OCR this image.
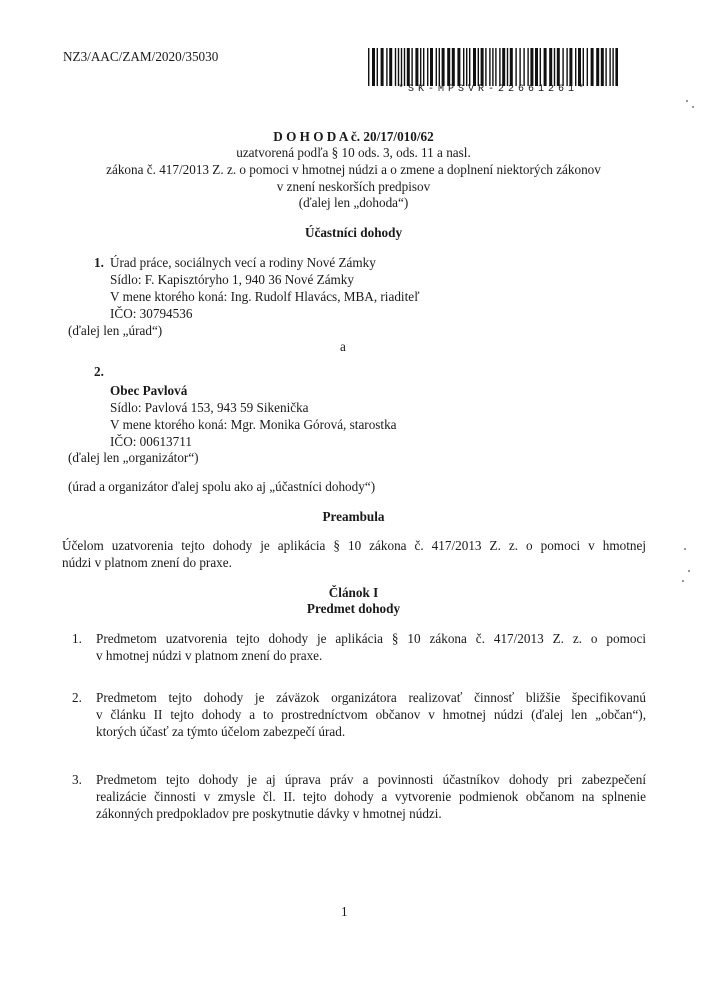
NZ3/AAC/ZAM/2020/35030
*SK-MPSVR-22661261*
D O H O D A č. 20/17/010/62
uzatvorená podľa § 10 ods. 3, ods. 11 a nasl.
zákona č. 417/2013 Z. z. o pomoci v hmotnej núdzi a o zmene a doplnení niektorých zákonov
v znení neskorších predpisov
(ďalej len „dohoda“)
Účastníci dohody
1. Úrad práce, sociálnych vecí a rodiny Nové Zámky
Sídlo: F. Kapisztóryho 1, 940 36 Nové Zámky
V mene ktorého koná: Ing. Rudolf Hlavács, MBA, riaditeľ
IČO: 30794536
(ďalej len „úrad“)
a
2.
Obec Pavlová
Sídlo: Pavlová 153, 943 59 Sikenička
V mene ktorého koná: Mgr. Monika Górová, starostka
IČO: 00613711
(ďalej len „organizátor“)
(úrad a organizátor ďalej spolu ako aj „účastníci dohody“)
Preambula
Účelom uzatvorenia tejto dohody je aplikácia § 10 zákona č. 417/2013 Z. z. o pomoci v hmotnej
núdzi v platnom znení do praxe.
Článok I
Predmet dohody
1. Predmetom uzatvorenia tejto dohody je aplikácia § 10 zákona č. 417/2013 Z. z. o pomoci
v hmotnej núdzi v platnom znení do praxe.
2. Predmetom tejto dohody je záväzok organizátora realizovať činnosť bližšie špecifikovanú
v článku II tejto dohody a to prostredníctvom občanov v hmotnej núdzi (ďalej len „občan“),
ktorých účasť za týmto účelom zabezpečí úrad.
3. Predmetom tejto dohody je aj úprava práv a povinnosti účastníkov dohody pri zabezpečení
realizácie činnosti v zmysle čl. II. tejto dohody a vytvorenie podmienok občanom na splnenie
zákonných predpokladov pre poskytnutie dávky v hmotnej núdzi.
1
